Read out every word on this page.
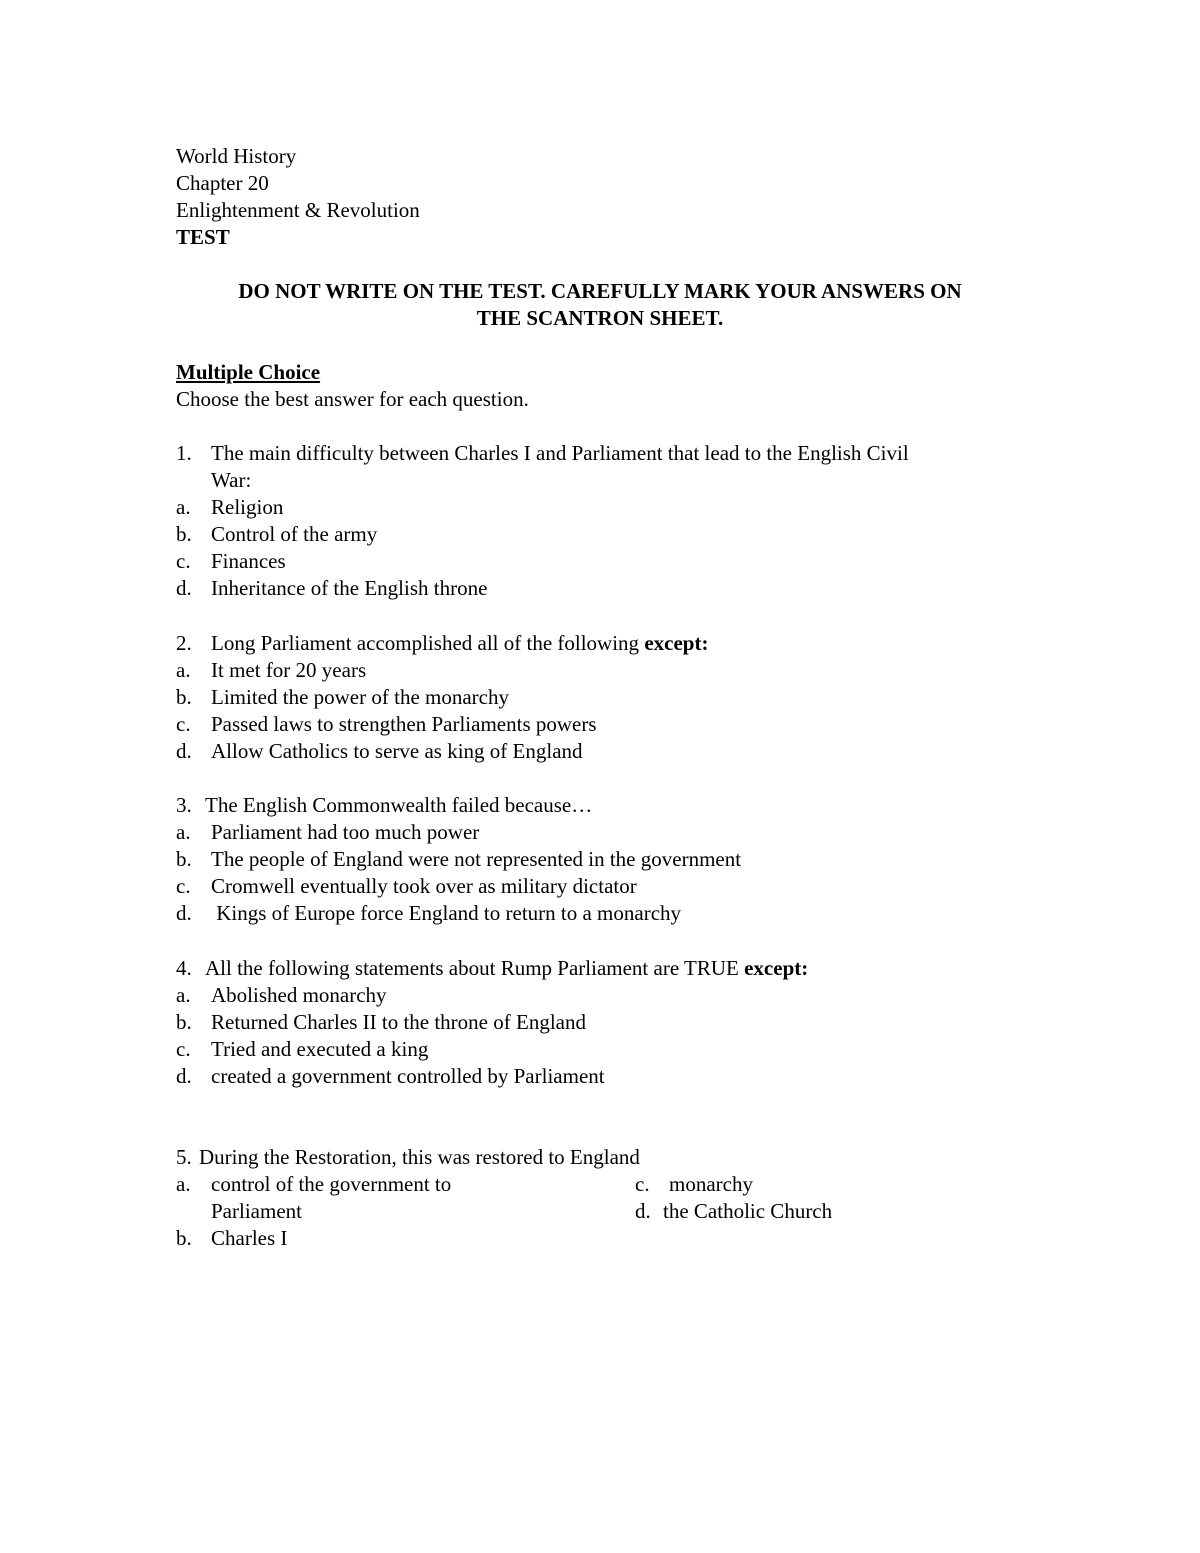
World History
Chapter 20
Enlightenment & Revolution
TEST
DO NOT WRITE ON THE TEST. CAREFULLY MARK YOUR ANSWERS ON
THE SCANTRON SHEET.
Multiple Choice
Choose the best answer for each question.
1. The main difficulty between Charles I and Parliament that lead to the English Civil
War:
a. Religion
b. Control of the army
c. Finances
d. Inheritance of the English throne
2. Long Parliament accomplished all of the following except:
a. It met for 20 years
b. Limited the power of the monarchy
c. Passed laws to strengthen Parliaments powers
d. Allow Catholics to serve as king of England
3. The English Commonwealth failed because…
a. Parliament had too much power
b. The people of England were not represented in the government
c. Cromwell eventually took over as military dictator
d. Kings of Europe force England to return to a monarchy
4. All the following statements about Rump Parliament are TRUE except:
a. Abolished monarchy
b. Returned Charles II to the throne of England
c. Tried and executed a king
d. created a government controlled by Parliament
5. During the Restoration, this was restored to England
a. control of the government to
Parliament
b. Charles I
c. monarchy
d. the Catholic Church
